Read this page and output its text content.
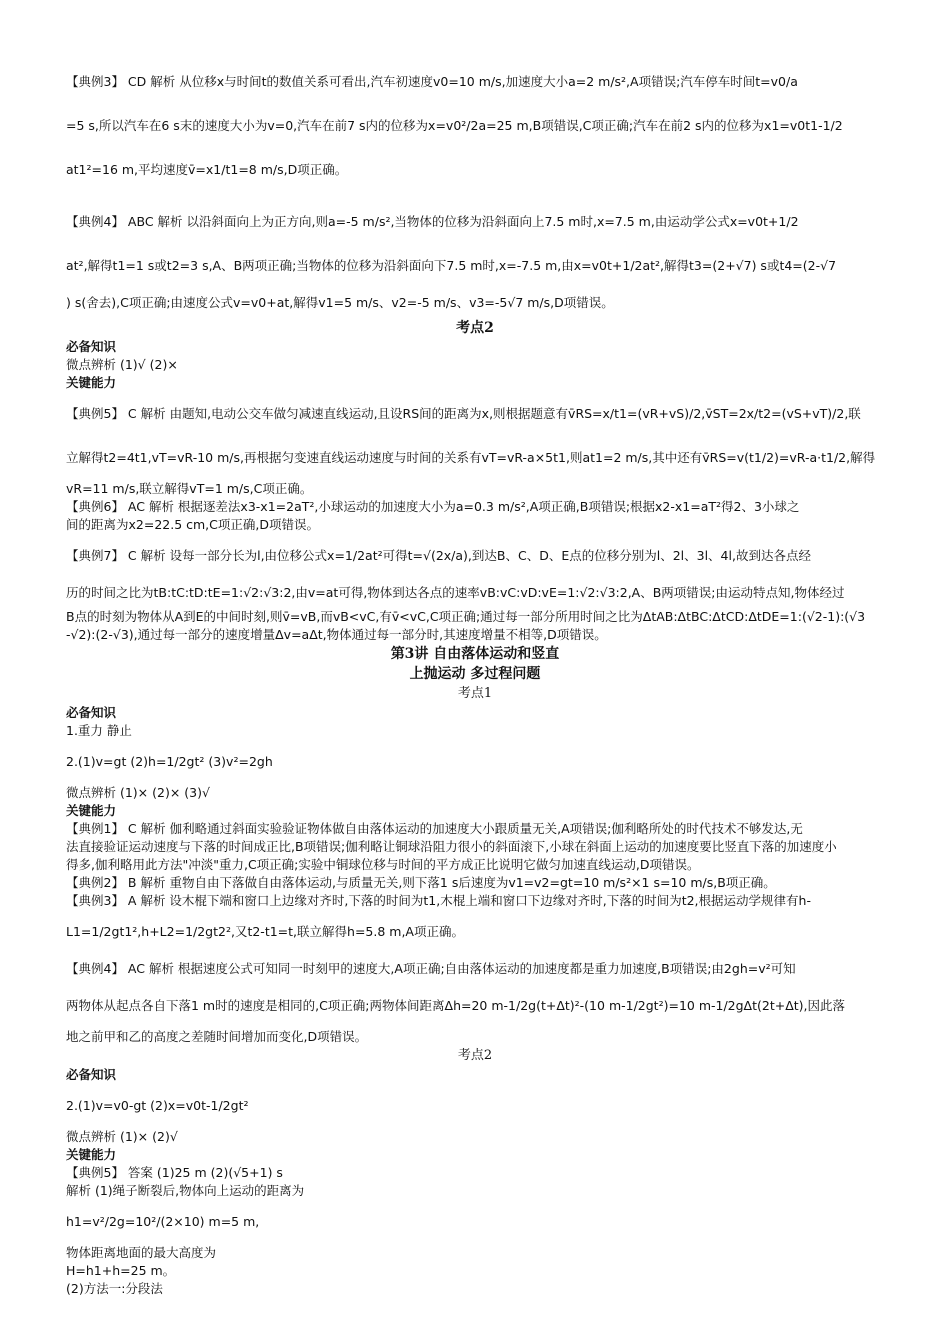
【典例3】 CD 解析 从位移x与时间t的数值关系可看出,汽车初速度v0=10 m/s,加速度大小a=2 m/s²,A项错误;汽车停车时间t=v0/a
=5 s,所以汽车在6 s末的速度大小为v=0,汽车在前7 s内的位移为x=v0²/2a=25 m,B项错误,C项正确;汽车在前2 s内的位移为x1=v0t1-1/2
at1²=16 m,平均速度v̄=x1/t1=8 m/s,D项正确。
【典例4】 ABC 解析 以沿斜面向上为正方向,则a=-5 m/s²,当物体的位移为沿斜面向上7.5 m时,x=7.5 m,由运动学公式x=v0t+1/2
at²,解得t1=1 s或t2=3 s,A、B两项正确;当物体的位移为沿斜面向下7.5 m时,x=-7.5 m,由x=v0t+1/2at²,解得t3=(2+√7) s或t4=(2-√7
) s(舍去),C项正确;由速度公式v=v0+at,解得v1=5 m/s、v2=-5 m/s、v3=-5√7 m/s,D项错误。
考点2
必备知识
微点辨析 (1)√ (2)×
关键能力
【典例5】 C 解析 由题知,电动公交车做匀减速直线运动,且设RS间的距离为x,则根据题意有v̄RS=x/t1=(vR+vS)/2,v̄ST=2x/t2=(vS+vT)/2,联
立解得t2=4t1,vT=vR-10 m/s,再根据匀变速直线运动速度与时间的关系有vT=vR-a×5t1,则at1=2 m/s,其中还有v̄RS=v(t1/2)=vR-a·t1/2,解得
vR=11 m/s,联立解得vT=1 m/s,C项正确。
【典例6】 AC 解析 根据逐差法x3-x1=2aT²,小球运动的加速度大小为a=0.3 m/s²,A项正确,B项错误;根据x2-x1=aT²得2、3小球之
间的距离为x2=22.5 cm,C项正确,D项错误。
【典例7】 C 解析 设每一部分长为l,由位移公式x=1/2at²可得t=√(2x/a),到达B、C、D、E点的位移分别为l、2l、3l、4l,故到达各点经
历的时间之比为tB:tC:tD:tE=1:√2:√3:2,由v=at可得,物体到达各点的速率vB:vC:vD:vE=1:√2:√3:2,A、B两项错误;由运动特点知,物体经过
B点的时刻为物体从A到E的中间时刻,则v̄=vB,而vB<vC,有v̄<vC,C项正确;通过每一部分所用时间之比为ΔtAB:ΔtBC:ΔtCD:ΔtDE=1:(√2-1):(√3
-√2):(2-√3),通过每一部分的速度增量Δv=aΔt,物体通过每一部分时,其速度增量不相等,D项错误。
第3讲 自由落体运动和竖直
上抛运动 多过程问题
考点1
必备知识
1.重力 静止
2.(1)v=gt (2)h=1/2gt² (3)v²=2gh
微点辨析 (1)× (2)× (3)√
关键能力
【典例1】 C 解析 伽利略通过斜面实验验证物体做自由落体运动的加速度大小跟质量无关,A项错误;伽利略所处的时代技术不够发达,无
法直接验证运动速度与下落的时间成正比,B项错误;伽利略让铜球沿阻力很小的斜面滚下,小球在斜面上运动的加速度要比竖直下落的加速度小
得多,伽利略用此方法"冲淡"重力,C项正确;实验中铜球位移与时间的平方成正比说明它做匀加速直线运动,D项错误。
【典例2】 B 解析 重物自由下落做自由落体运动,与质量无关,则下落1 s后速度为v1=v2=gt=10 m/s²×1 s=10 m/s,B项正确。
【典例3】 A 解析 设木棍下端和窗口上边缘对齐时,下落的时间为t1,木棍上端和窗口下边缘对齐时,下落的时间为t2,根据运动学规律有h-
L1=1/2gt1²,h+L2=1/2gt2²,又t2-t1=t,联立解得h=5.8 m,A项正确。
【典例4】 AC 解析 根据速度公式可知同一时刻甲的速度大,A项正确;自由落体运动的加速度都是重力加速度,B项错误;由2gh=v²可知
两物体从起点各自下落1 m时的速度是相同的,C项正确;两物体间距离Δh=20 m-1/2g(t+Δt)²-(10 m-1/2gt²)=10 m-1/2gΔt(2t+Δt),因此落
地之前甲和乙的高度之差随时间增加而变化,D项错误。
考点2
必备知识
2.(1)v=v0-gt (2)x=v0t-1/2gt²
微点辨析 (1)× (2)√
关键能力
【典例5】 答案 (1)25 m (2)(√5+1) s
解析 (1)绳子断裂后,物体向上运动的距离为
h1=v²/2g=10²/(2×10) m=5 m,
物体距离地面的最大高度为
H=h1+h=25 m。
(2)方法一:分段法
